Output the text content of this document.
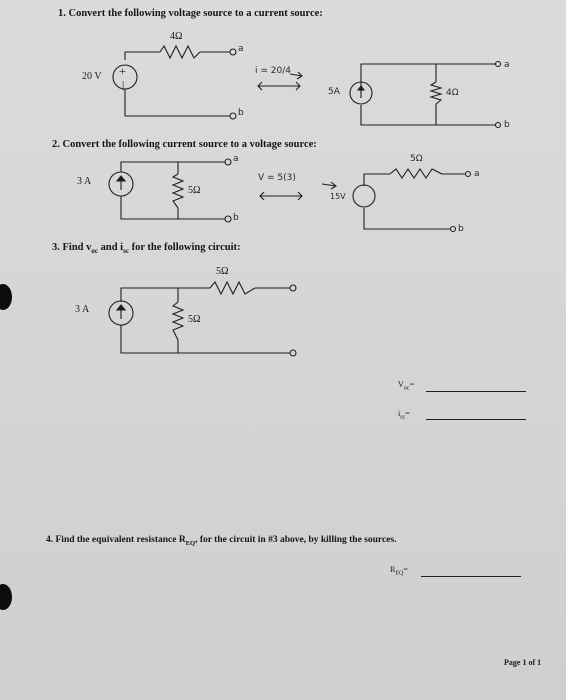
1. Convert the following voltage source to a current source:
4Ω
20 V +
|
a
b
i = 20/4
5A	4Ω
a
b
2. Convert the following current source to a voltage source:
3 A
5Ω
a
b
V = 5(3)
15V
5Ω
a
b
3. Find $v_{oc}$ and $i_{sc}$ for the following circuit:
5Ω
3 A
5Ω
$V_{oc}=$
$i_{sc}=$
4. Find the equivalent resistance $R_{EQ}$, for the circuit in #3 above, by killing the sources.
$R_{EQ}=$
Page 1 of 1
